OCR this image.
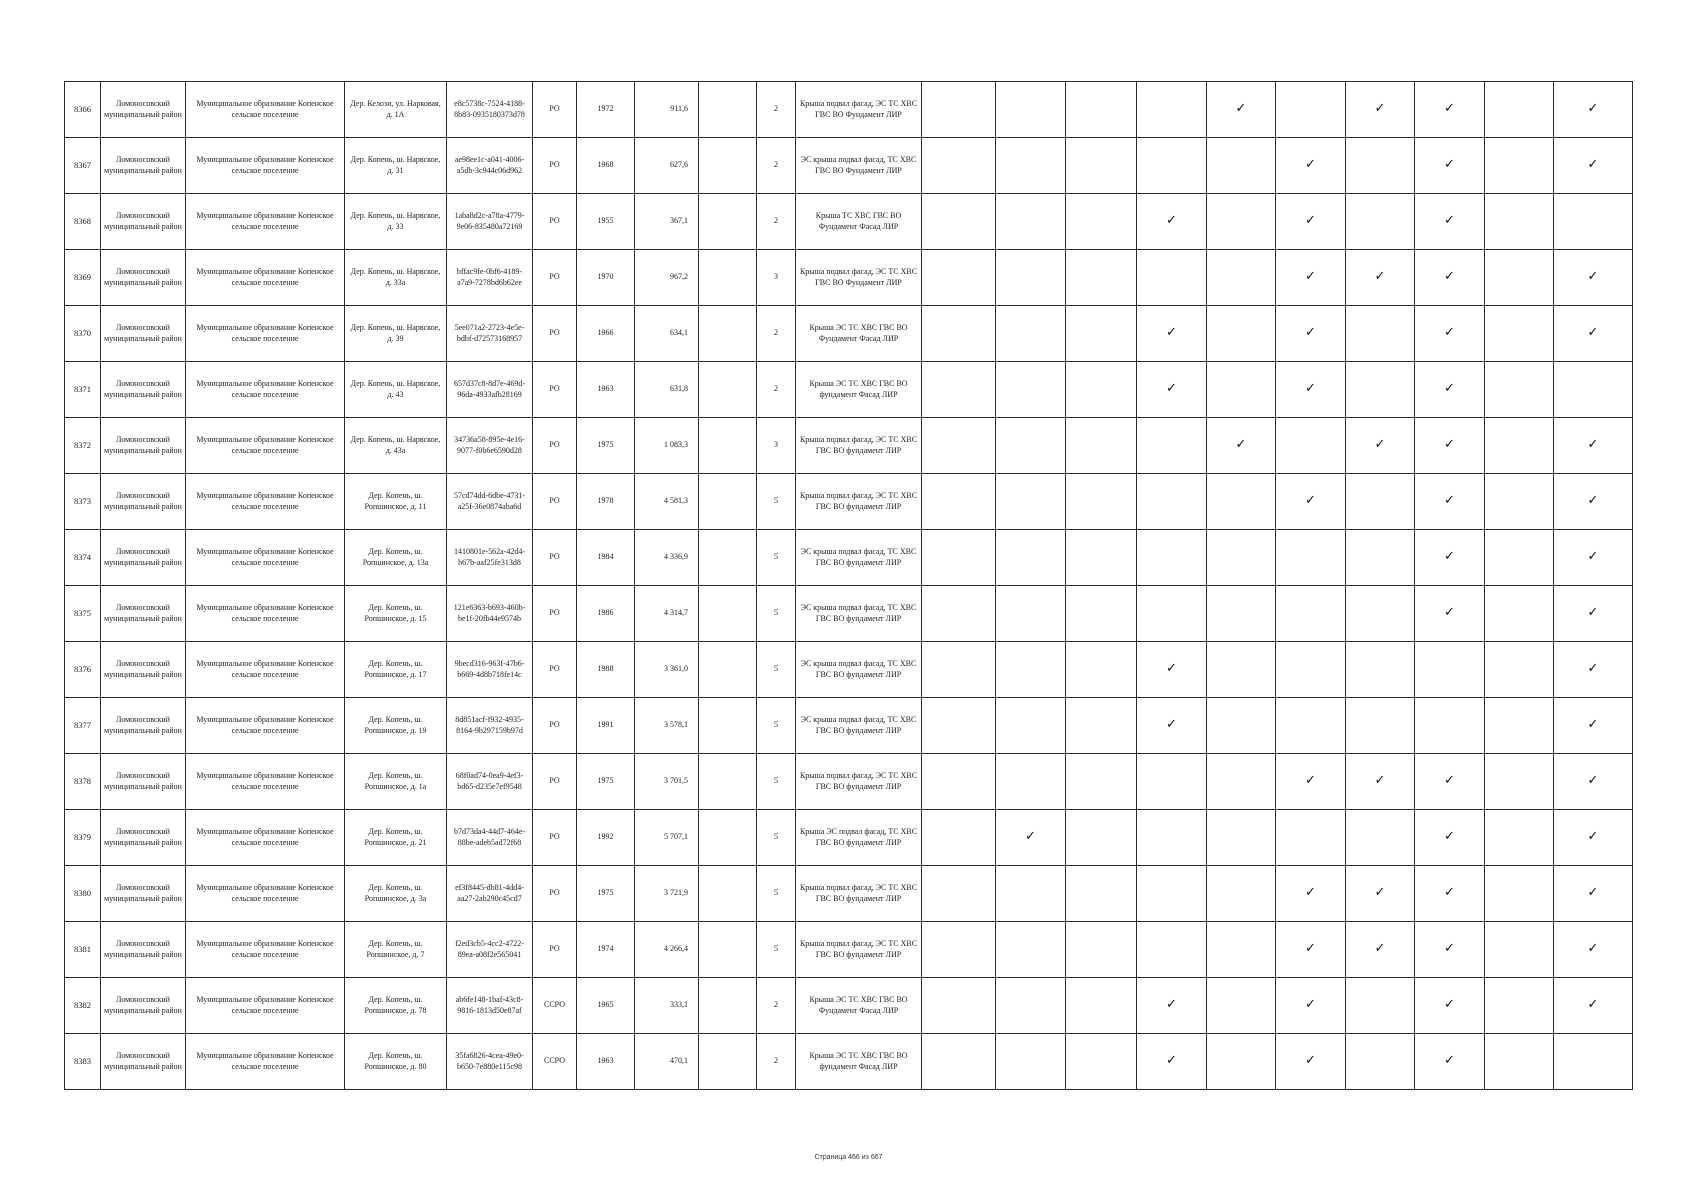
8366	Ломоносовский муниципальный район	Муниципальное образование Копенское сельское поселение	Дер. Келози, ул. Нарковая, д. 1А	e8c5738c-7524-4188-8b83-0935180373d78	РО	1972	911,6		2	Крыша подвал фасад, ЭС ТС ХВС ГВС ВО Фундамент ЛИР					✓		✓	✓		✓
8367	Ломоносовский муниципальный район	Муниципальное образование Копенское сельское поселение	Дер. Копень, ш. Нарвское, д. 31	ae98ee1c-a041-4006-a5db-3c944c06d962	РО	1968	627,6		2	ЭС крыша подвал фасад, ТС ХВС ГВС ВО Фундамент ЛИР						✓		✓		✓
8368	Ломоносовский муниципальный район	Муниципальное образование Копенское сельское поселение	Дер. Копень, ш. Нарвское, д. 33	1aba8d2c-a78a-4779-9e06-835480a72169	РО	1955	367,1		2	Крыша ТС ХВС ГВС ВО Фундамент Фасад ЛИР				✓		✓		✓		
8369	Ломоносовский муниципальный район	Муниципальное образование Копенское сельское поселение	Дер. Копень, ш. Нарвское, д. 33а	bffac9fe-0bf6-4189-a7a9-7278bd6b62ee	РО	1970	967,2		3	Крыша подвал фасад, ЭС ТС ХВС ГВС ВО Фундамент ЛИР						✓	✓	✓		✓
8370	Ломоносовский муниципальный район	Муниципальное образование Копенское сельское поселение	Дер. Копень, ш. Нарвское, д. 39	5ee071a2-2723-4e5e-bdbf-d72573168957	РО	1966	634,1		2	Крыша ЭС ТС ХВС ГВС ВО Фундамент Фасад ЛИР				✓		✓		✓		✓
8371	Ломоносовский муниципальный район	Муниципальное образование Копенское сельское поселение	Дер. Копень, ш. Нарвское, д. 43	657d37c8-8d7e-469d-96da-4933afb28169	РО	1963	631,8		2	Крыша ЭС ТС ХВС ГВС ВО фундамент Фасад ЛИР				✓		✓		✓		
8372	Ломоносовский муниципальный район	Муниципальное образование Копенское сельское поселение	Дер. Копень, ш. Нарвское, д. 43а	34736a58-895e-4e16-9077-f0b6e6590d28	РО	1975	1 083,3		3	Крыша подвал фасад, ЭС ТС ХВС ГВС ВО фундамент ЛИР					✓		✓	✓		✓
8373	Ломоносовский муниципальный район	Муниципальное образование Копенское сельское поселение	Дер. Копень, ш. Ропшинское, д. 11	57cd74dd-6dbe-4731-a25f-36e0874aba6d	РО	1978	4 581,3		5	Крыша подвал фасад, ЭС ТС ХВС ГВС ВО фундамент ЛИР						✓		✓		✓
8374	Ломоносовский муниципальный район	Муниципальное образование Копенское сельское поселение	Дер. Копень, ш. Ропшинское, д. 13а	1410801e-562a-42d4-b67b-aaf25fe313d8	РО	1984	4 336,9		5	ЭС крыша подвал фасад, ТС ХВС ГВС ВО фундамент ЛИР								✓		✓
8375	Ломоносовский муниципальный район	Муниципальное образование Копенское сельское поселение	Дер. Копень, ш. Ропшинское, д. 15	121e6363-b693-460b-be1f-20fb44e9574b	РО	1986	4 314,7		5	ЭС крыша подвал фасад, ТС ХВС ГВС ВО фундамент ЛИР								✓		✓
8376	Ломоносовский муниципальный район	Муниципальное образование Копенское сельское поселение	Дер. Копень, ш. Ропшинское, д. 17	9becd316-963f-47b6-b669-4d8b718fe14c	РО	1988	3 361,0		5	ЭС крыша подвал фасад, ТС ХВС ГВС ВО фундамент ЛИР				✓						✓
8377	Ломоносовский муниципальный район	Муниципальное образование Копенское сельское поселение	Дер. Копень, ш. Ропшинское, д. 19	8d851acf-f932-4935-8164-9b297159b97d	РО	1991	3 578,1		5	ЭС крыша подвал фасад, ТС ХВС ГВС ВО фундамент ЛИР				✓						✓
8378	Ломоносовский муниципальный район	Муниципальное образование Копенское сельское поселение	Дер. Копень, ш. Ропшинское, д. 1а	68f0ad74-0ea9-4ef3-bd65-d235e7ef9548	РО	1975	3 701,5		5	Крыша подвал фасад, ЭС ТС ХВС ГВС ВО фундамент ЛИР						✓	✓	✓		✓
8379	Ломоносовский муниципальный район	Муниципальное образование Копенское сельское поселение	Дер. Копень, ш. Ропшинское, д. 21	b7d73da4-44d7-464e-88be-adeb5ad72f68	РО	1992	5 707,1		5	Крыша ЭС подвал фасад, ТС ХВС ГВС ВО фундамент ЛИР		✓						✓		✓
8380	Ломоносовский муниципальный район	Муниципальное образование Копенское сельское поселение	Дер. Копень, ш. Ропшинское, д. 3а	ef3f8445-db81-4dd4-aa27-2ab290c45cd7	РО	1975	3 721,9		5	Крыша подвал фасад, ЭС ТС ХВС ГВС ВО фундамент ЛИР						✓	✓	✓		✓
8381	Ломоносовский муниципальный район	Муниципальное образование Копенское сельское поселение	Дер. Копень, ш. Ропшинское, д. 7	f2ed3cb5-4cc2-4722-89ea-a08f2e565041	РО	1974	4 266,4		5	Крыша подвал фасад, ЭС ТС ХВС ГВС ВО фундамент ЛИР						✓	✓	✓		✓
8382	Ломоносовский муниципальный район	Муниципальное образование Копенское сельское поселение	Дер. Копень, ш. Ропшинское, д. 78	ab6fe148-1baf-43c8-9816-1813d50e87af	ССРО	1965	333,1		2	Крыша ЭС ТС ХВС ГВС ВО Фундамент Фасад ЛИР				✓		✓		✓		✓
8383	Ломоносовский муниципальный район	Муниципальное образование Копенское сельское поселение	Дер. Копень, ш. Ропшинское, д. 80	35fa6826-4cea-49e0-b650-7e880e115c98	ССРО	1963	470,1		2	Крыша ЭС ТС ХВС ГВС ВО фундамент Фасад ЛИР				✓		✓		✓		
Страница 466 из 667
